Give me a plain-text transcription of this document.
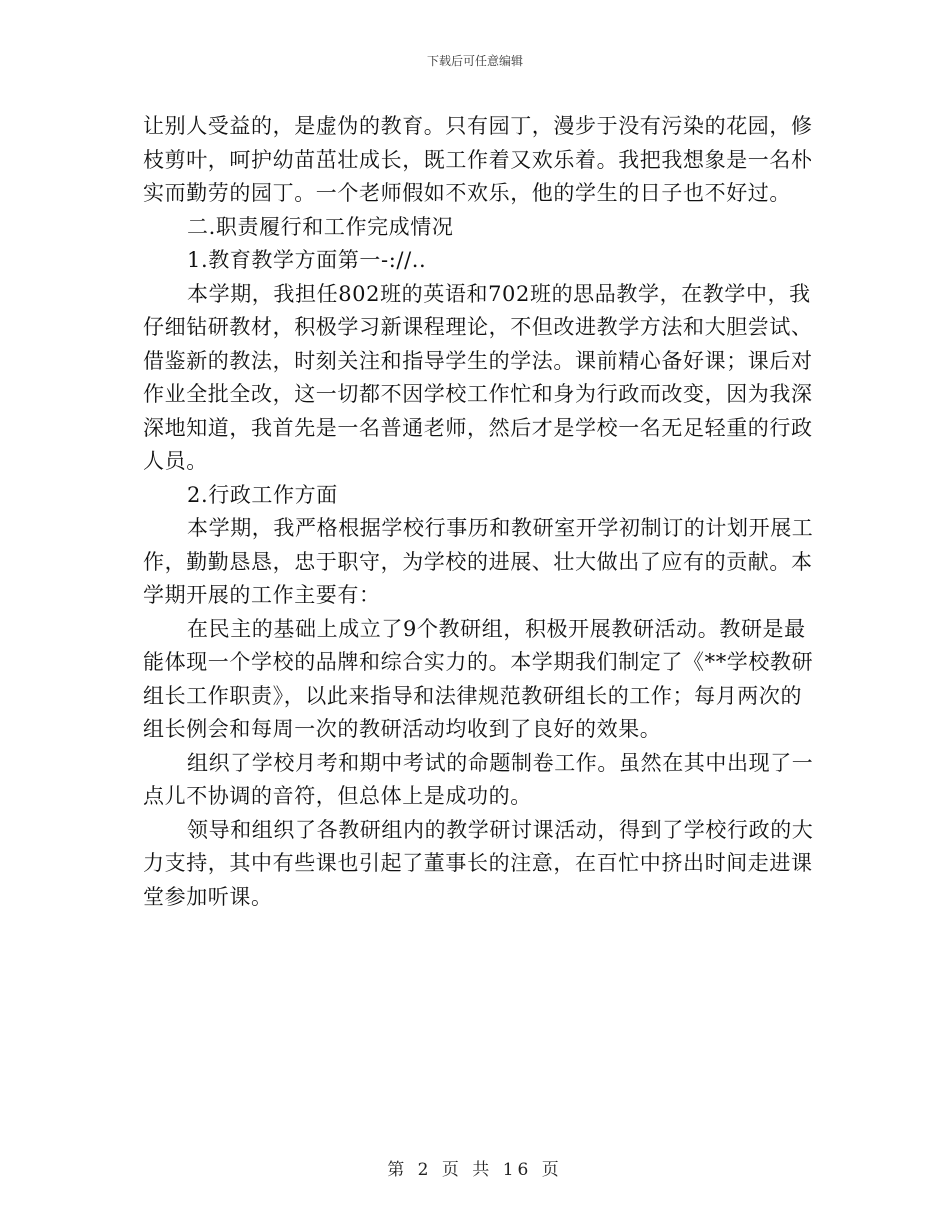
下载后可任意编辑

让别人受益的，是虚伪的教育。只有园丁，漫步于没有污染的花园，修枝剪叶，呵护幼苗茁壮成长，既工作着又欢乐着。我把我想象是一名朴实而勤劳的园丁。一个老师假如不欢乐，他的学生的日子也不好过。

二.职责履行和工作完成情况

1.教育教学方面第一-://..

本学期，我担任802班的英语和702班的思品教学，在教学中，我仔细钻研教材，积极学习新课程理论，不但改进教学方法和大胆尝试、借鉴新的教法，时刻关注和指导学生的学法。课前精心备好课；课后对作业全批全改，这一切都不因学校工作忙和身为行政而改变，因为我深深地知道，我首先是一名普通老师，然后才是学校一名无足轻重的行政人员。

2.行政工作方面

本学期，我严格根据学校行事历和教研室开学初制订的计划开展工作，勤勤恳恳，忠于职守，为学校的进展、壮大做出了应有的贡献。本学期开展的工作主要有：

在民主的基础上成立了9个教研组，积极开展教研活动。教研是最能体现一个学校的品牌和综合实力的。本学期我们制定了《**学校教研组长工作职责》，以此来指导和法律规范教研组长的工作；每月两次的组长例会和每周一次的教研活动均收到了良好的效果。

组织了学校月考和期中考试的命题制卷工作。虽然在其中出现了一点儿不协调的音符，但总体上是成功的。

领导和组织了各教研组内的教学研讨课活动，得到了学校行政的大力支持，其中有些课也引起了董事长的注意，在百忙中挤出时间走进课堂参加听课。

第 2 页 共 16 页
